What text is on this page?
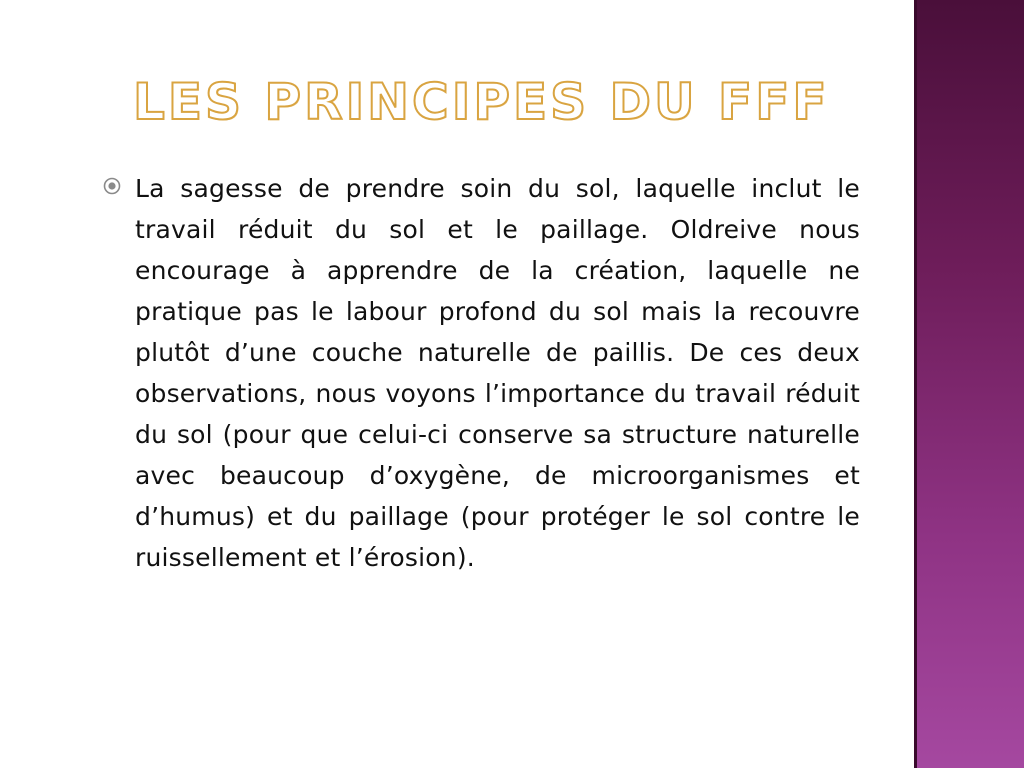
LES PRINCIPES DU FFF

La sagesse de prendre soin du sol, laquelle inclut le travail réduit du sol et le paillage. Oldreive nous encourage à apprendre de la création, laquelle ne pratique pas le labour profond du sol mais la recouvre plutôt d’une couche naturelle de paillis. De ces deux observations, nous voyons l’importance du travail réduit du sol (pour que celui-ci conserve sa structure naturelle avec beaucoup d’oxygène, de microorganismes et d’humus) et du paillage (pour protéger le sol contre le ruissellement et l’érosion).
